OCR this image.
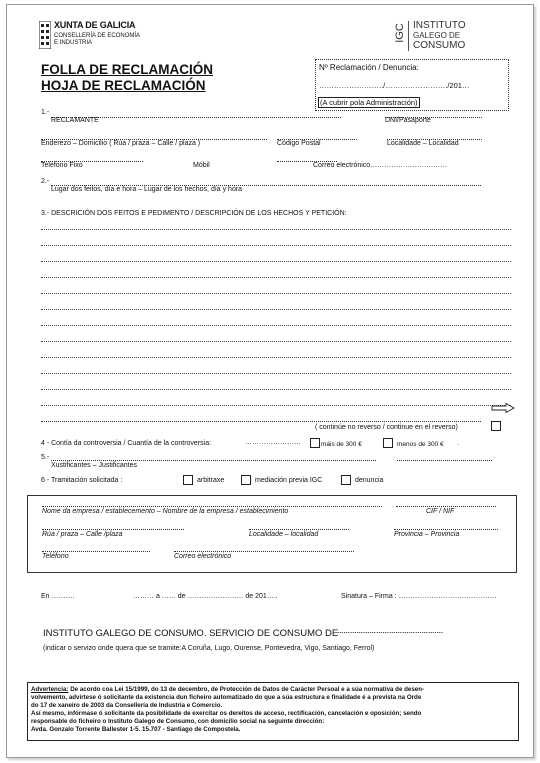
XUNTA DE GALICIA
CONSELLERÍA DE ECONOMÍA
E INDUSTRIA
IGC INSTITUTO
GALEGO DE
CONSUMO
FOLLA DE RECLAMACIÓN
HOJA DE RECLAMACIÓN
Nº Reclamación / Denuncia:
……………………../……………………./201…
(A cubrir pola Administración)
1.-
RECLAMANTE	DNI/Pasaporte
Enderezo – Domicilio ( Rúa / praza – Calle / plaza )	Código Postal	Localidade – Localidad
Teléfono Fixo	Móbil	Correo electrónico……………………………
2.-
Lugar dos feitos, día e hora – Lugar de los hechos, día y hora
3.- DESCRICIÓN DOS FEITOS E PEDIMENTO / DESCRIPCIÓN DE LOS HECHOS Y PETICIÓN:
( continúe no reverso / continue en el reverso)
4 - Contía da controversia / Cuantía de la controversia:	……………………	máis de 300 €	menos de 300 € .
5.-
Xustificantes – Justificantes
6 - Tramitación solicitada :	arbitraxe	mediación previa IGC	denuncia
Nome da empresa / establecemento – Nombre de la empresa / establecimiento	CIF / NIF
Rúa / praza – Calle /plaza	Localidade – localidad	Provincia – Provincia
Teléfono	Correo electrónico
En ……….	……… a …… de …………………… de 201…..	Sinatura – Firma : ……………………………………
INSTITUTO GALEGO DE CONSUMO. SERVICIO DE CONSUMO DE
………………………………………….
(indicar o servizo onde quera que se tramite:A Coruña, Lugo, Ourense, Pontevedra, Vigo, Santiago, Ferrol)
Advertencia: De acordo coa Lei 15/1999, do 13 de decembro, de Protección de Datos de Carácter Persoal e a súa normativa de desen-
volvemento, advírtese ó solicitante da existencia dun ficheiro automatizado do que a súa estructura e finalidade é a prevista na Orde
do 17 de xaneiro de 2003 da Consellería de Industria e Comercio.
Así mesmo, infórmase ó solicitante da posibilidade de exercitar os dereitos de acceso, rectificación, cancelación e oposición; sendo
responsable do ficheiro o Instituto Galego de Consumo, con domicilio social na seguinte dirección:
Avda. Gonzalo Torrente Ballester 1-5. 15.707 - Santiago de Compostela.
